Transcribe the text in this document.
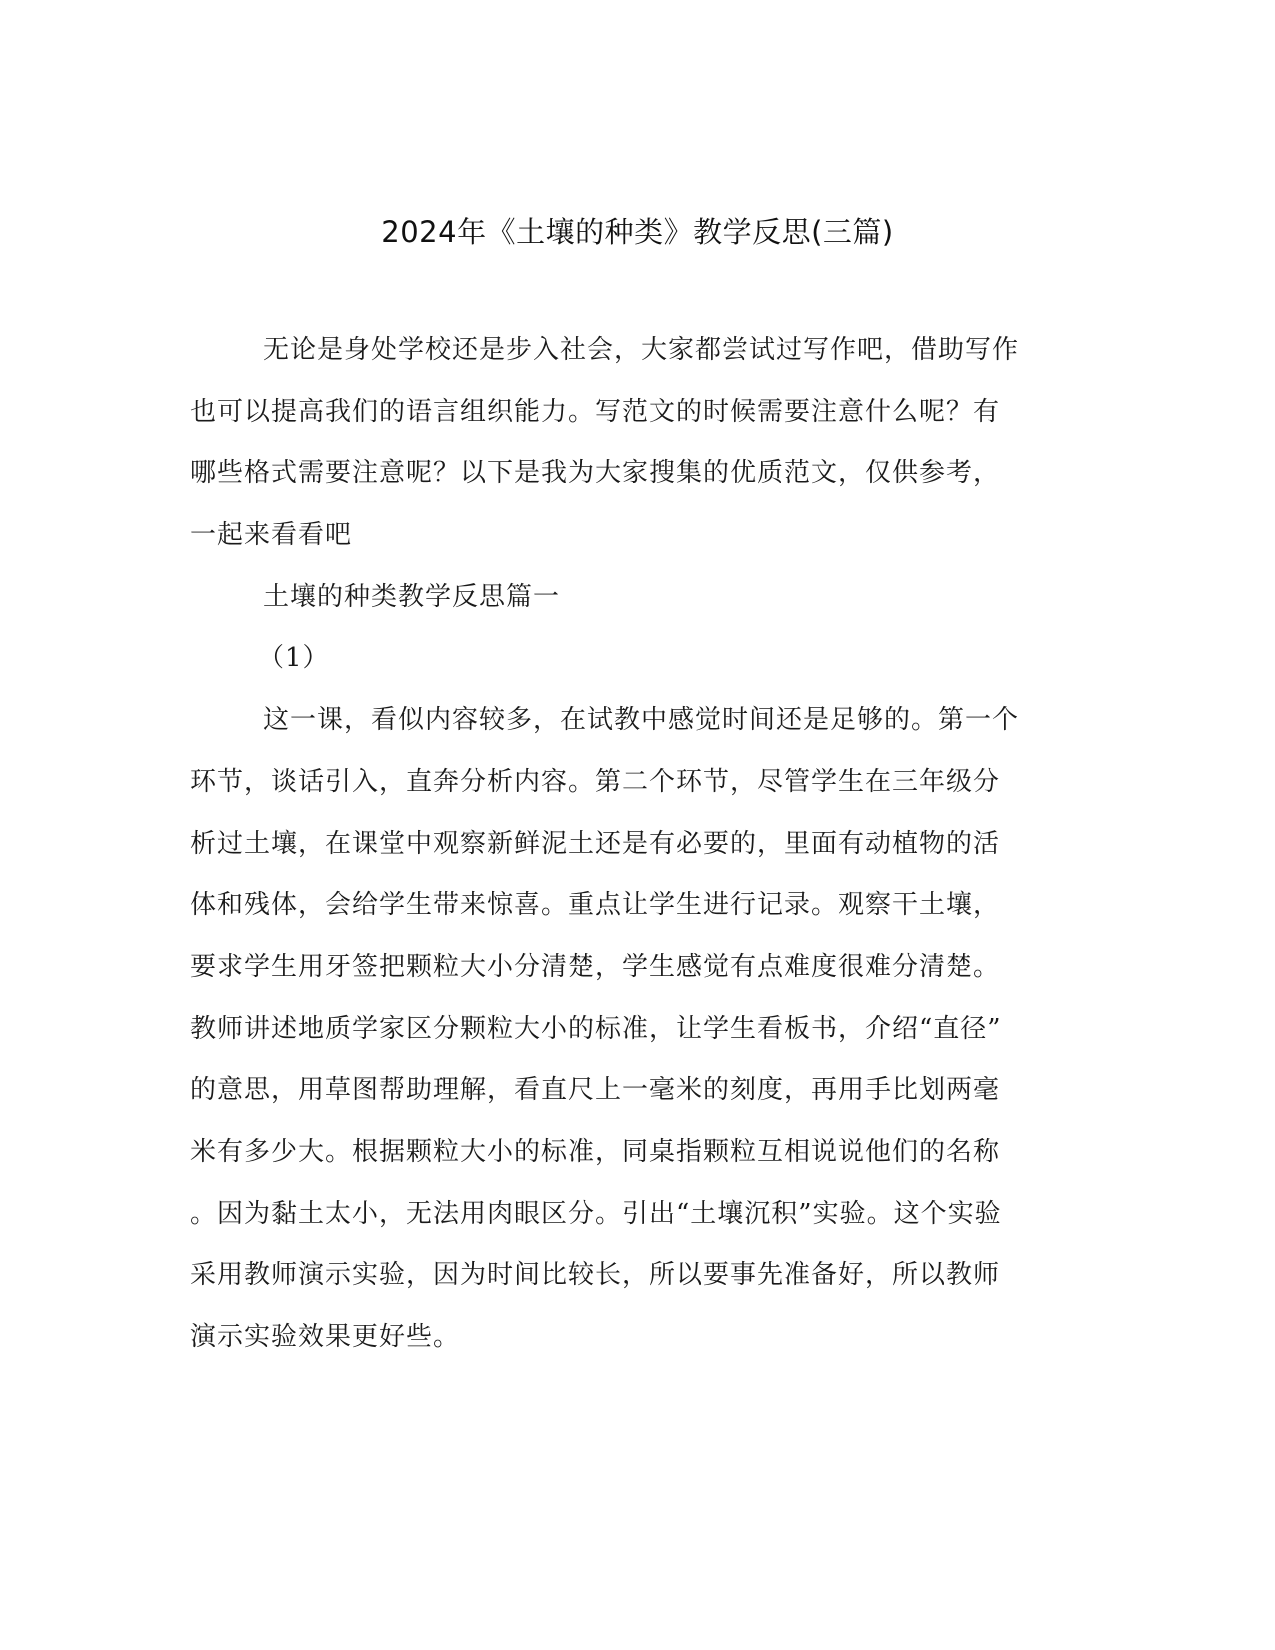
2024年《土壤的种类》教学反思(三篇)
无论是身处学校还是步入社会，大家都尝试过写作吧，借助写作
也可以提高我们的语言组织能力。写范文的时候需要注意什么呢？有
哪些格式需要注意呢？以下是我为大家搜集的优质范文，仅供参考，
一起来看看吧
土壤的种类教学反思篇一
（1）
这一课，看似内容较多，在试教中感觉时间还是足够的。第一个
环节，谈话引入，直奔分析内容。第二个环节，尽管学生在三年级分
析过土壤，在课堂中观察新鲜泥土还是有必要的，里面有动植物的活
体和残体，会给学生带来惊喜。重点让学生进行记录。观察干土壤，
要求学生用牙签把颗粒大小分清楚，学生感觉有点难度很难分清楚。
教师讲述地质学家区分颗粒大小的标准，让学生看板书，介绍“直径”
的意思，用草图帮助理解，看直尺上一毫米的刻度，再用手比划两毫
米有多少大。根据颗粒大小的标准，同桌指颗粒互相说说他们的名称
。因为黏土太小，无法用肉眼区分。引出“土壤沉积”实验。这个实验
采用教师演示实验，因为时间比较长，所以要事先准备好，所以教师
演示实验效果更好些。
